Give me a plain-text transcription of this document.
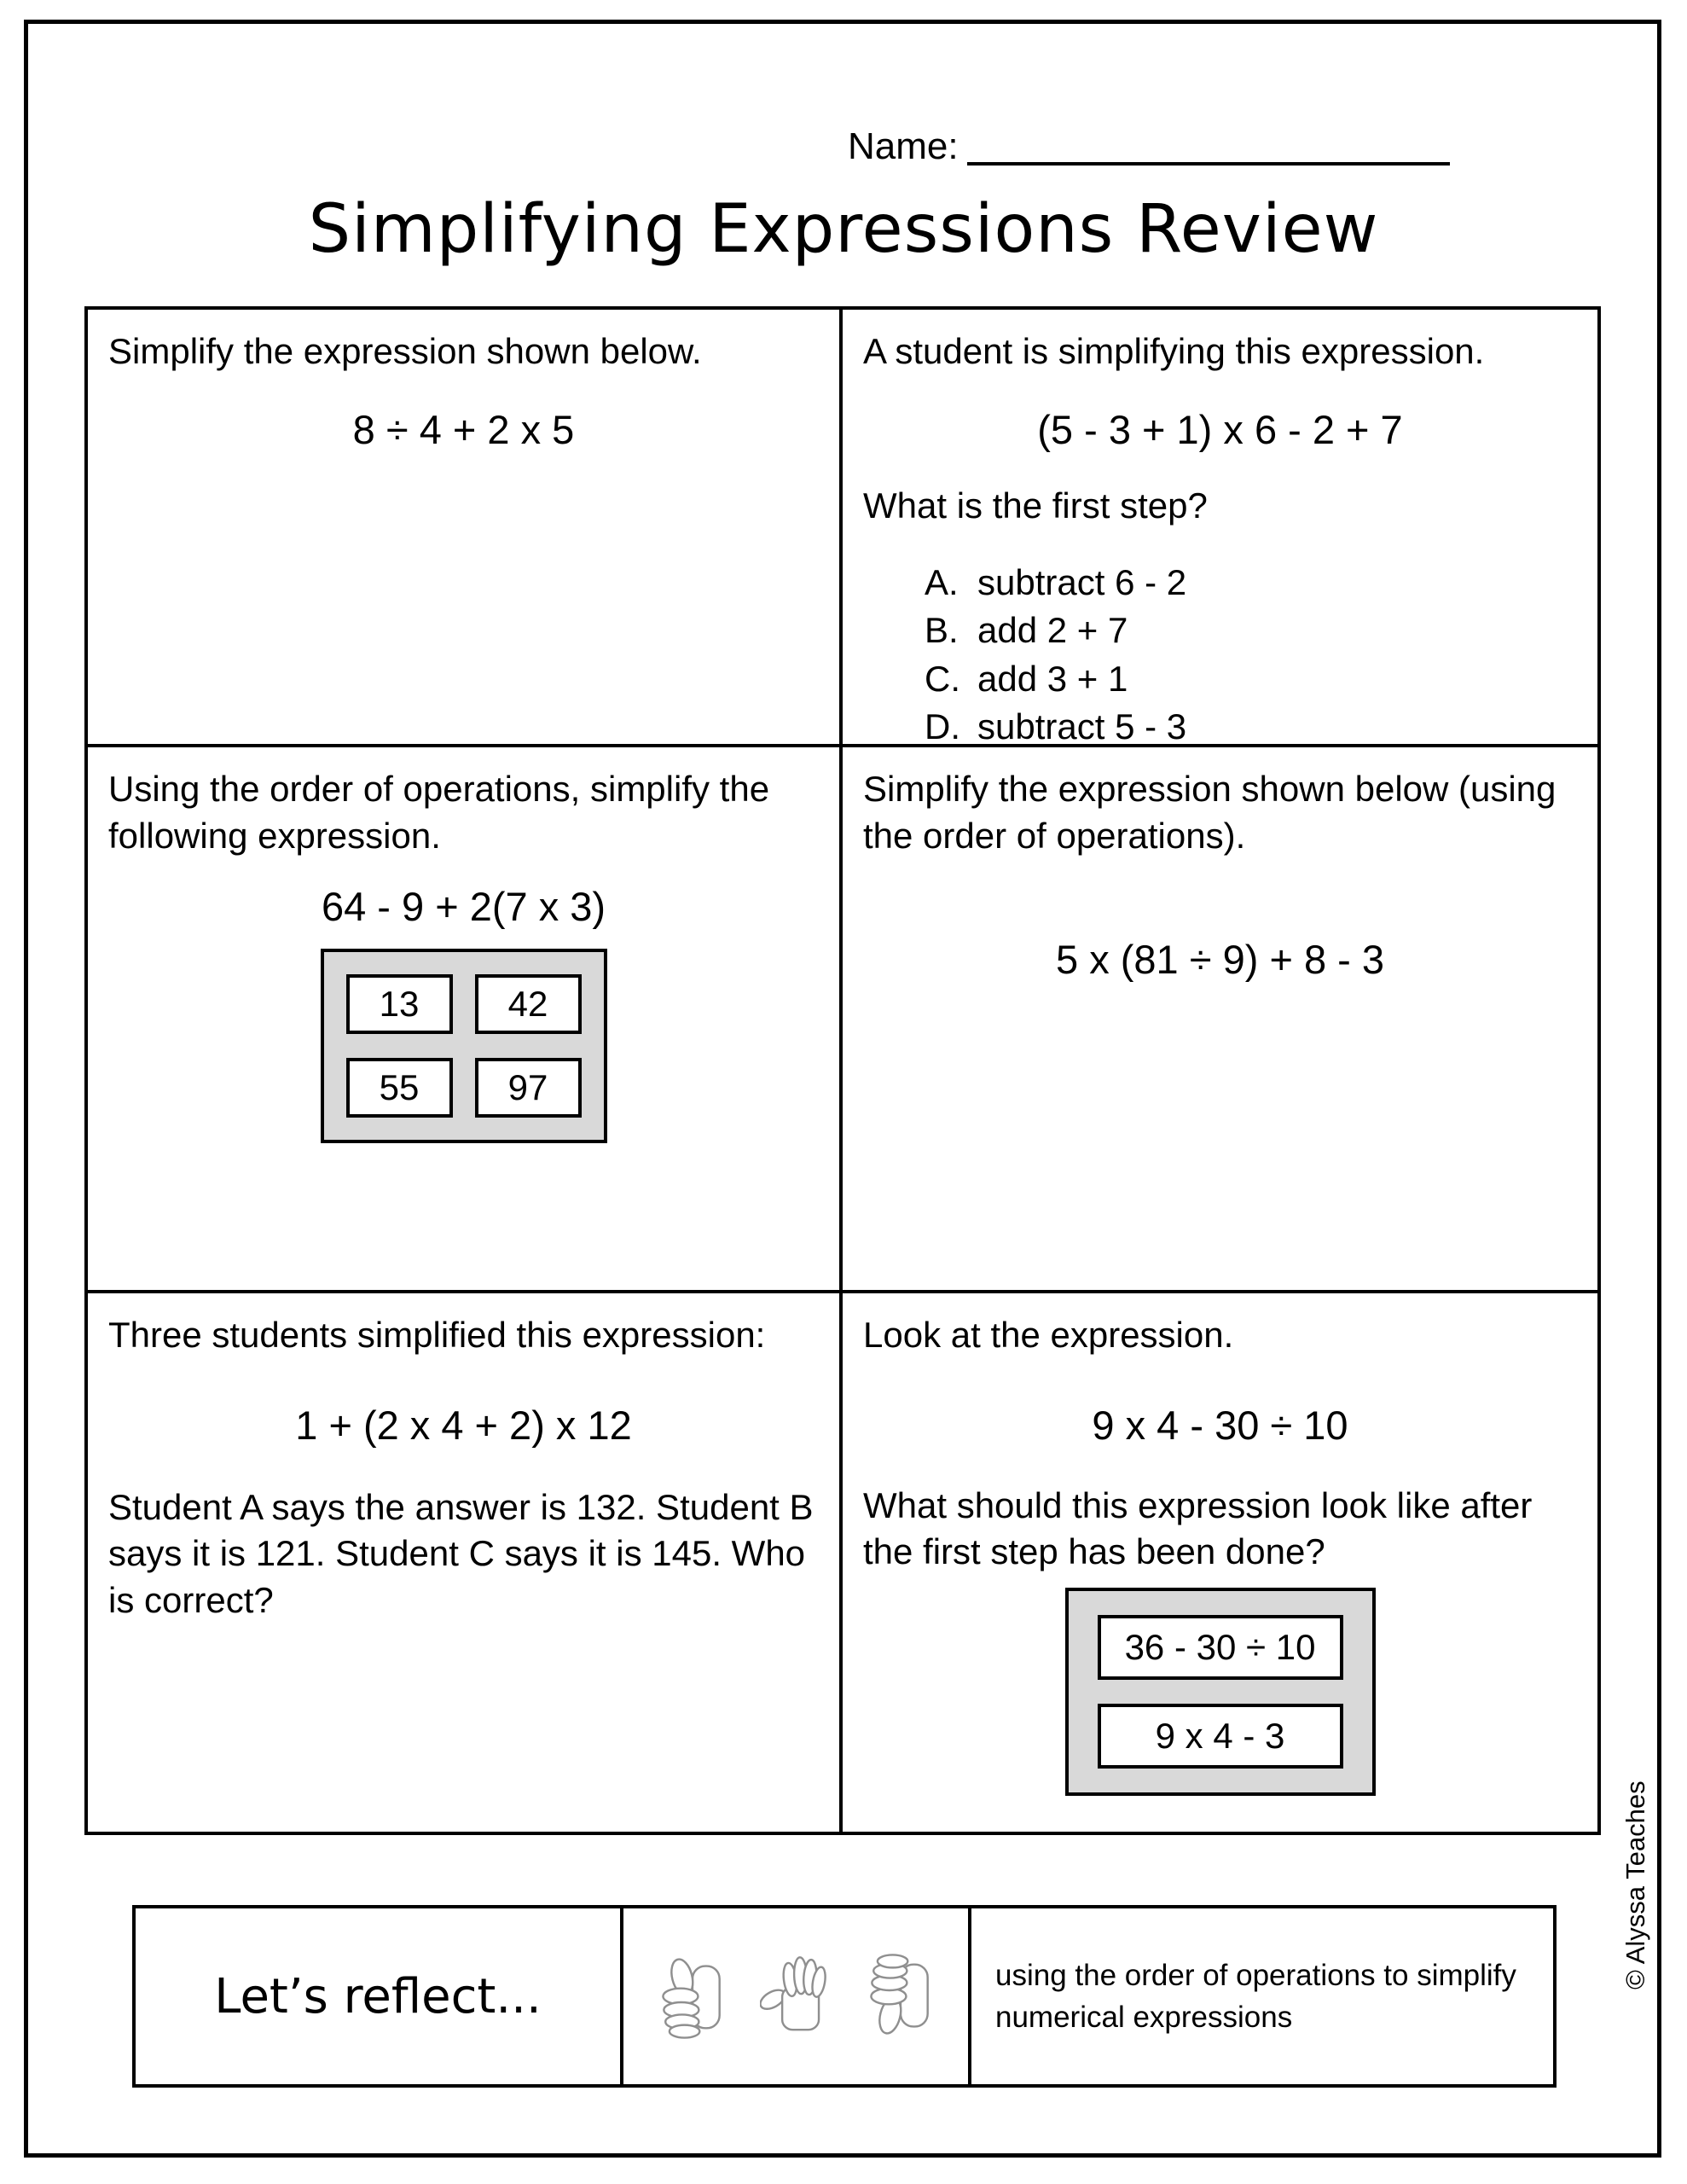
Name:
Simplifying Expressions Review
Simplify the expression shown below.
8 ÷ 4 + 2 x 5
A student is simplifying this expression.
(5 - 3 + 1) x 6 - 2 + 7
What is the first step?
A. subtract 6 - 2
B. add 2 + 7
C. add 3 + 1
D. subtract 5 - 3
Using the order of operations, simplify the following expression.
64 - 9 + 2(7 x 3)
13	42
55	97
Simplify the expression shown below (using the order of operations).
5 x (81 ÷ 9) + 8 - 3
Three students simplified this expression:
1 + (2 x 4 + 2) x 12
Student A says the answer is 132. Student B says it is 121. Student C says it is 145. Who is correct?
Look at the expression.
9 x 4 - 30 ÷ 10
What should this expression look like after the first step has been done?
36 - 30 ÷ 10
9 x 4 - 3
Let’s reflect...	using the order of operations to simplify numerical expressions
© Alyssa Teaches
